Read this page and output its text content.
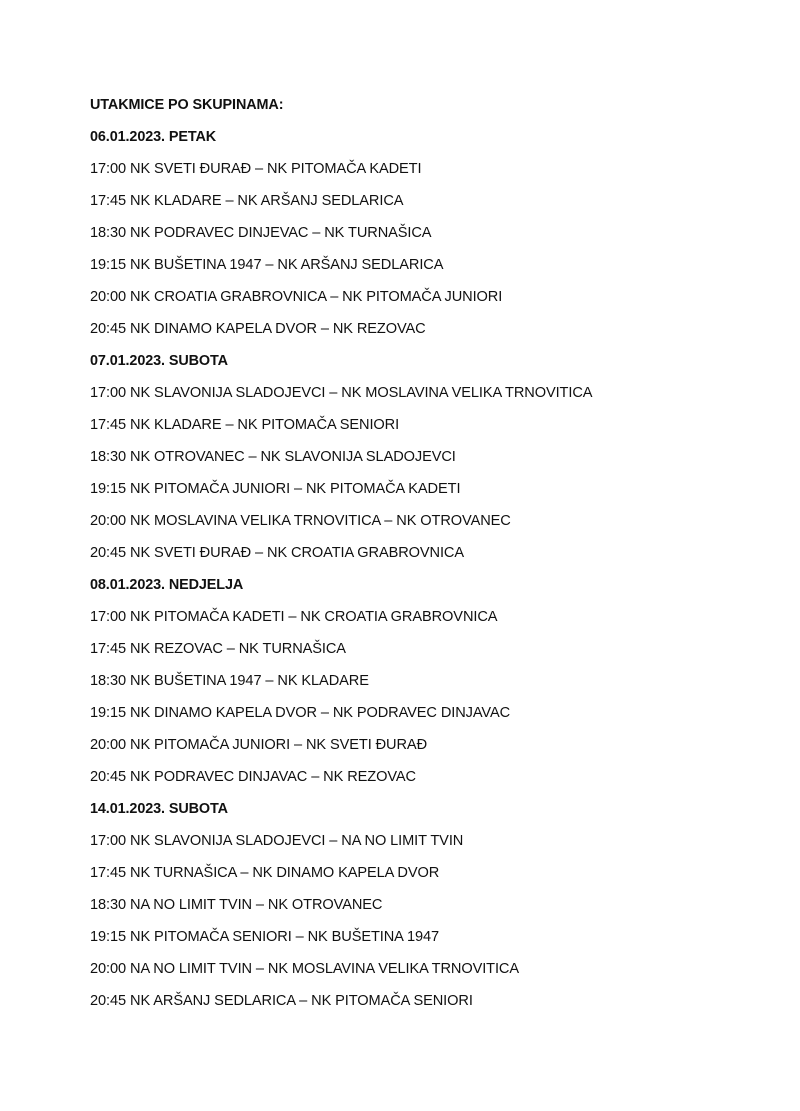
UTAKMICE PO SKUPINAMA:
06.01.2023. PETAK
17:00 NK SVETI ĐURAĐ – NK PITOMAČA KADETI
17:45 NK KLADARE – NK ARŠANJ SEDLARICA
18:30 NK PODRAVEC DINJEVAC – NK TURNAŠICA
19:15 NK BUŠETINA 1947 – NK ARŠANJ SEDLARICA
20:00 NK CROATIA GRABROVNICA – NK PITOMAČA JUNIORI
20:45 NK DINAMO KAPELA DVOR – NK REZOVAC
07.01.2023. SUBOTA
17:00 NK SLAVONIJA SLADOJEVCI – NK MOSLAVINA VELIKA TRNOVITICA
17:45 NK KLADARE – NK PITOMAČA SENIORI
18:30 NK OTROVANEC – NK SLAVONIJA SLADOJEVCI
19:15 NK PITOMAČA JUNIORI – NK PITOMAČA KADETI
20:00 NK MOSLAVINA VELIKA TRNOVITICA – NK OTROVANEC
20:45 NK SVETI ĐURAĐ – NK CROATIA GRABROVNICA
08.01.2023. NEDJELJA
17:00 NK PITOMAČA KADETI – NK CROATIA GRABROVNICA
17:45 NK REZOVAC – NK TURNAŠICA
18:30 NK BUŠETINA 1947 – NK KLADARE
19:15 NK DINAMO KAPELA DVOR – NK PODRAVEC DINJAVAC
20:00 NK PITOMAČA JUNIORI – NK SVETI ĐURAĐ
20:45 NK PODRAVEC DINJAVAC – NK REZOVAC
14.01.2023. SUBOTA
17:00 NK SLAVONIJA SLADOJEVCI – NA NO LIMIT TVIN
17:45 NK TURNAŠICA – NK DINAMO KAPELA DVOR
18:30 NA NO LIMIT TVIN – NK OTROVANEC
19:15 NK PITOMAČA SENIORI – NK BUŠETINA 1947
20:00 NA NO LIMIT TVIN – NK MOSLAVINA VELIKA TRNOVITICA
20:45 NK ARŠANJ SEDLARICA – NK PITOMAČA SENIORI
